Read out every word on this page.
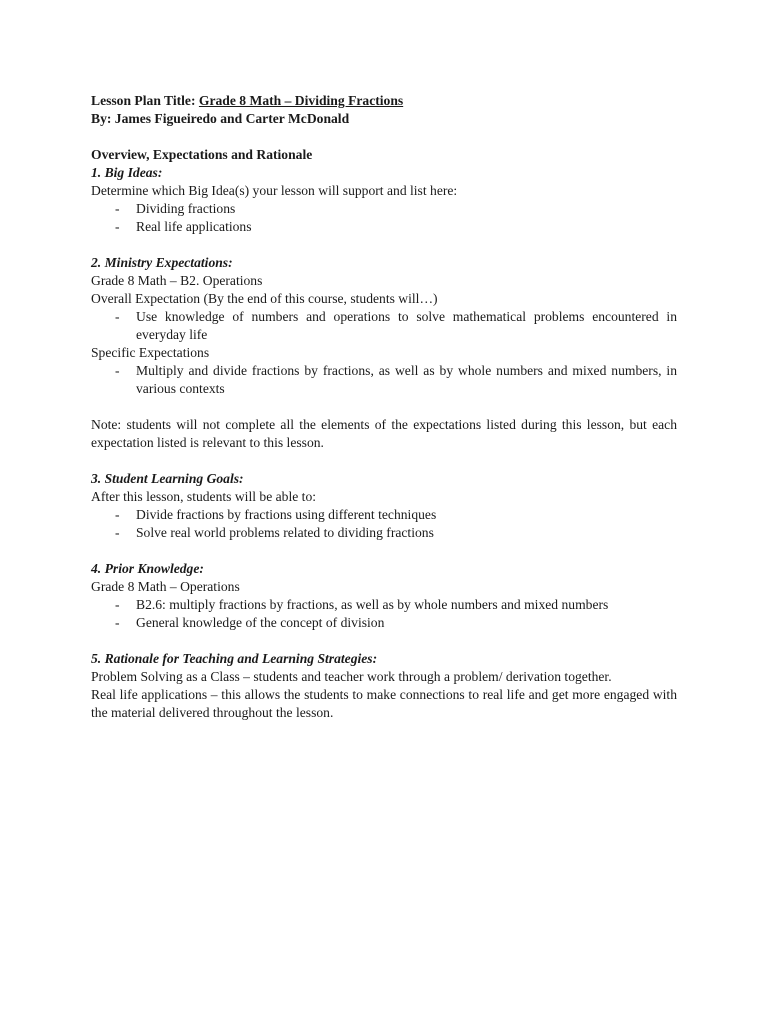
Lesson Plan Title: Grade 8 Math – Dividing Fractions

By: James Figueiredo and Carter McDonald

Overview, Expectations and Rationale

1. Big Ideas:

Determine which Big Idea(s) your lesson will support and list here:

-	Dividing fractions
-	Real life applications

2. Ministry Expectations:

Grade 8 Math – B2. Operations

Overall Expectation (By the end of this course, students will…)

-	Use knowledge of numbers and operations to solve mathematical problems encountered in everyday life

Specific Expectations

-	Multiply and divide fractions by fractions, as well as by whole numbers and mixed numbers, in various contexts

Note: students will not complete all the elements of the expectations listed during this lesson, but each expectation listed is relevant to this lesson.

3. Student Learning Goals:

After this lesson, students will be able to:

-	Divide fractions by fractions using different techniques
-	Solve real world problems related to dividing fractions

4. Prior Knowledge:

Grade 8 Math – Operations

-	B2.6: multiply fractions by fractions, as well as by whole numbers and mixed numbers
-	General knowledge of the concept of division

5. Rationale for Teaching and Learning Strategies:

Problem Solving as a Class – students and teacher work through a problem/ derivation together.

Real life applications – this allows the students to make connections to real life and get more engaged with the material delivered throughout the lesson.
